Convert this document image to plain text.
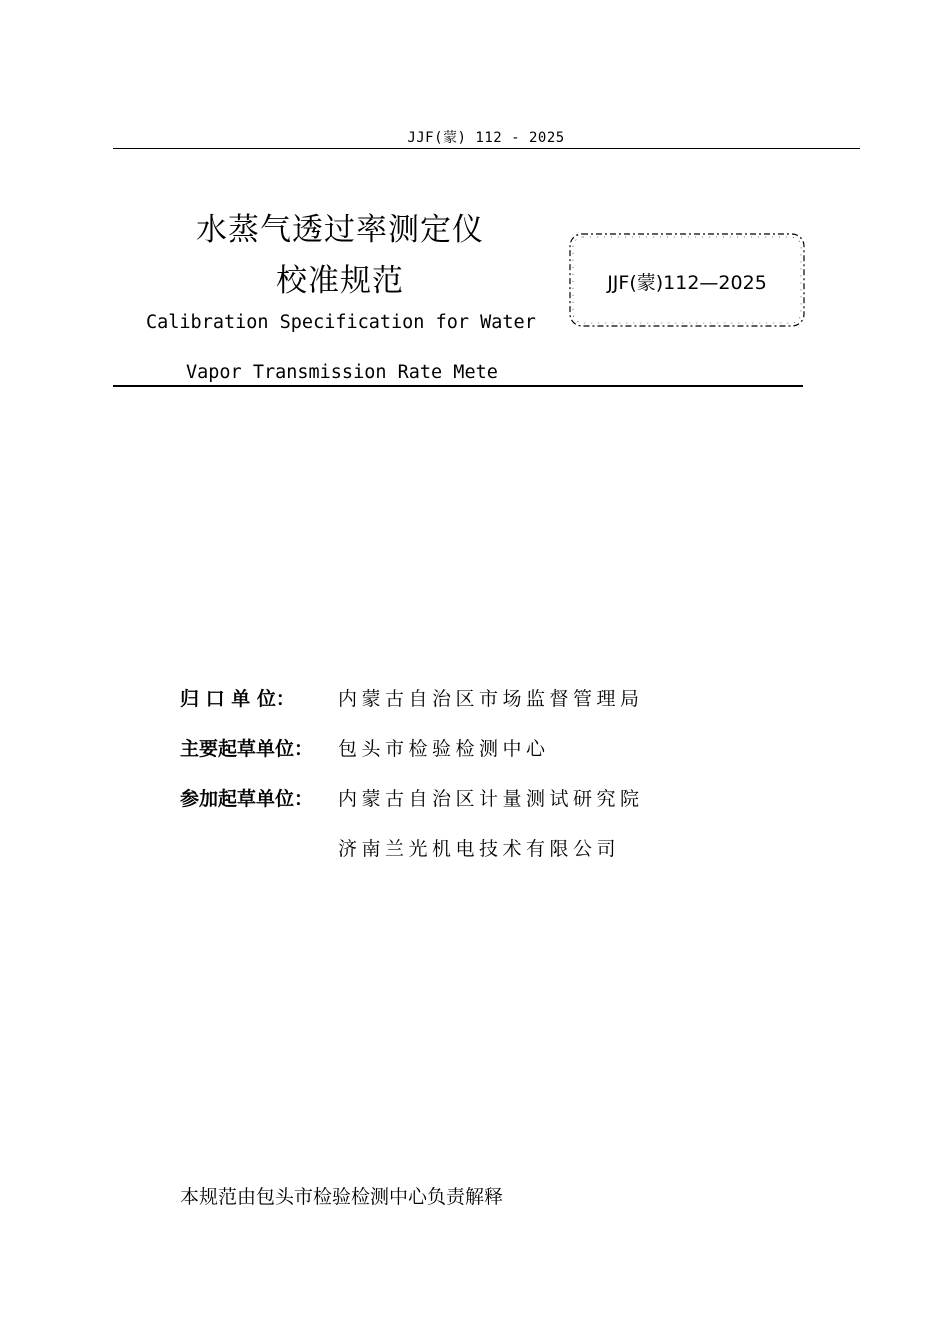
JJF(蒙) 112 - 2025
水蒸气透过率测定仪
校准规范
Calibration Specification for Water
Vapor Transmission Rate Mete
JJF(蒙)112—2025
归 口 单 位： 内蒙古自治区市场监督管理局
主要起草单位： 包头市检验检测中心
参加起草单位： 内蒙古自治区计量测试研究院
济南兰光机电技术有限公司
本规范由包头市检验检测中心负责解释
